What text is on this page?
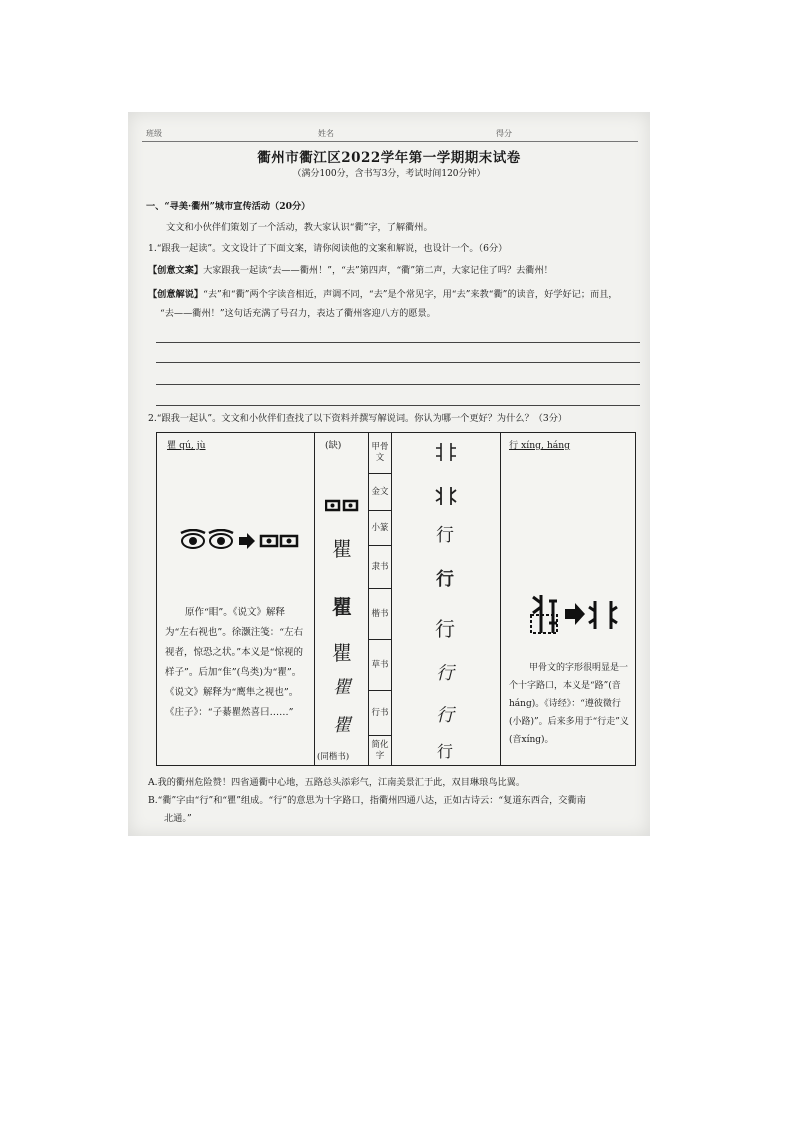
班级	姓名	得分
衢州市衢江区2022学年第一学期期末试卷
（满分100分，含书写3分，考试时间120分钟）
一、“寻美·衢州”城市宣传活动（20分）
文文和小伙伴们策划了一个活动，教大家认识“衢”字，了解衢州。
1.“跟我一起读”。文文设计了下面文案，请你阅读他的文案和解说，也设计一个。（6分）
【创意文案】大家跟我一起读“去——衢州！”，“去”第四声，“衢”第二声，大家记住了吗？去衢州！
【创意解说】“去”和“衢”两个字读音相近，声调不同，“去”是个常见字，用“去”来教“衢”的读音，好学好记；而且，
“去——衢州！”这句话充满了号召力，表达了衢州客迎八方的愿景。
2.“跟我一起认”。文文和小伙伴们查找了以下资料并撰写解说词。你认为哪一个更好？为什么？（3分）
瞿 qú, jù
原作“䀠”。《说文》解释为“左右视也”。徐灏注笺：“左右视者，惊恐之状。”本义是“惊视的样子”。后加“隹”(鸟类)为“瞿”。《说文》解释为“鹰隼之视也”。《庄子》：“子綦瞿然喜曰……”
(缺)
瞿
瞿
瞿
瞿
瞿
(同楷书)
甲骨文
金文
小篆
隶书
楷书
草书
行书
简化字
行
行
行
行
行
行
行 xíng, háng
甲骨文的字形很明显是一个十字路口，本义是“路”(音háng)。《诗经》：“遵彼微行(小路)”。后来多用于“行走”义(音xíng)。
A.我的衢州危险赞！四省通衢中心地，五路总头添彩气，江南美景汇于此，双目琳琅鸟比翼。
B.“衢”字由“行”和“瞿”组成。“行”的意思为十字路口，指衢州四通八达，正如古诗云：“复道东西合，交衢南
北通。”
